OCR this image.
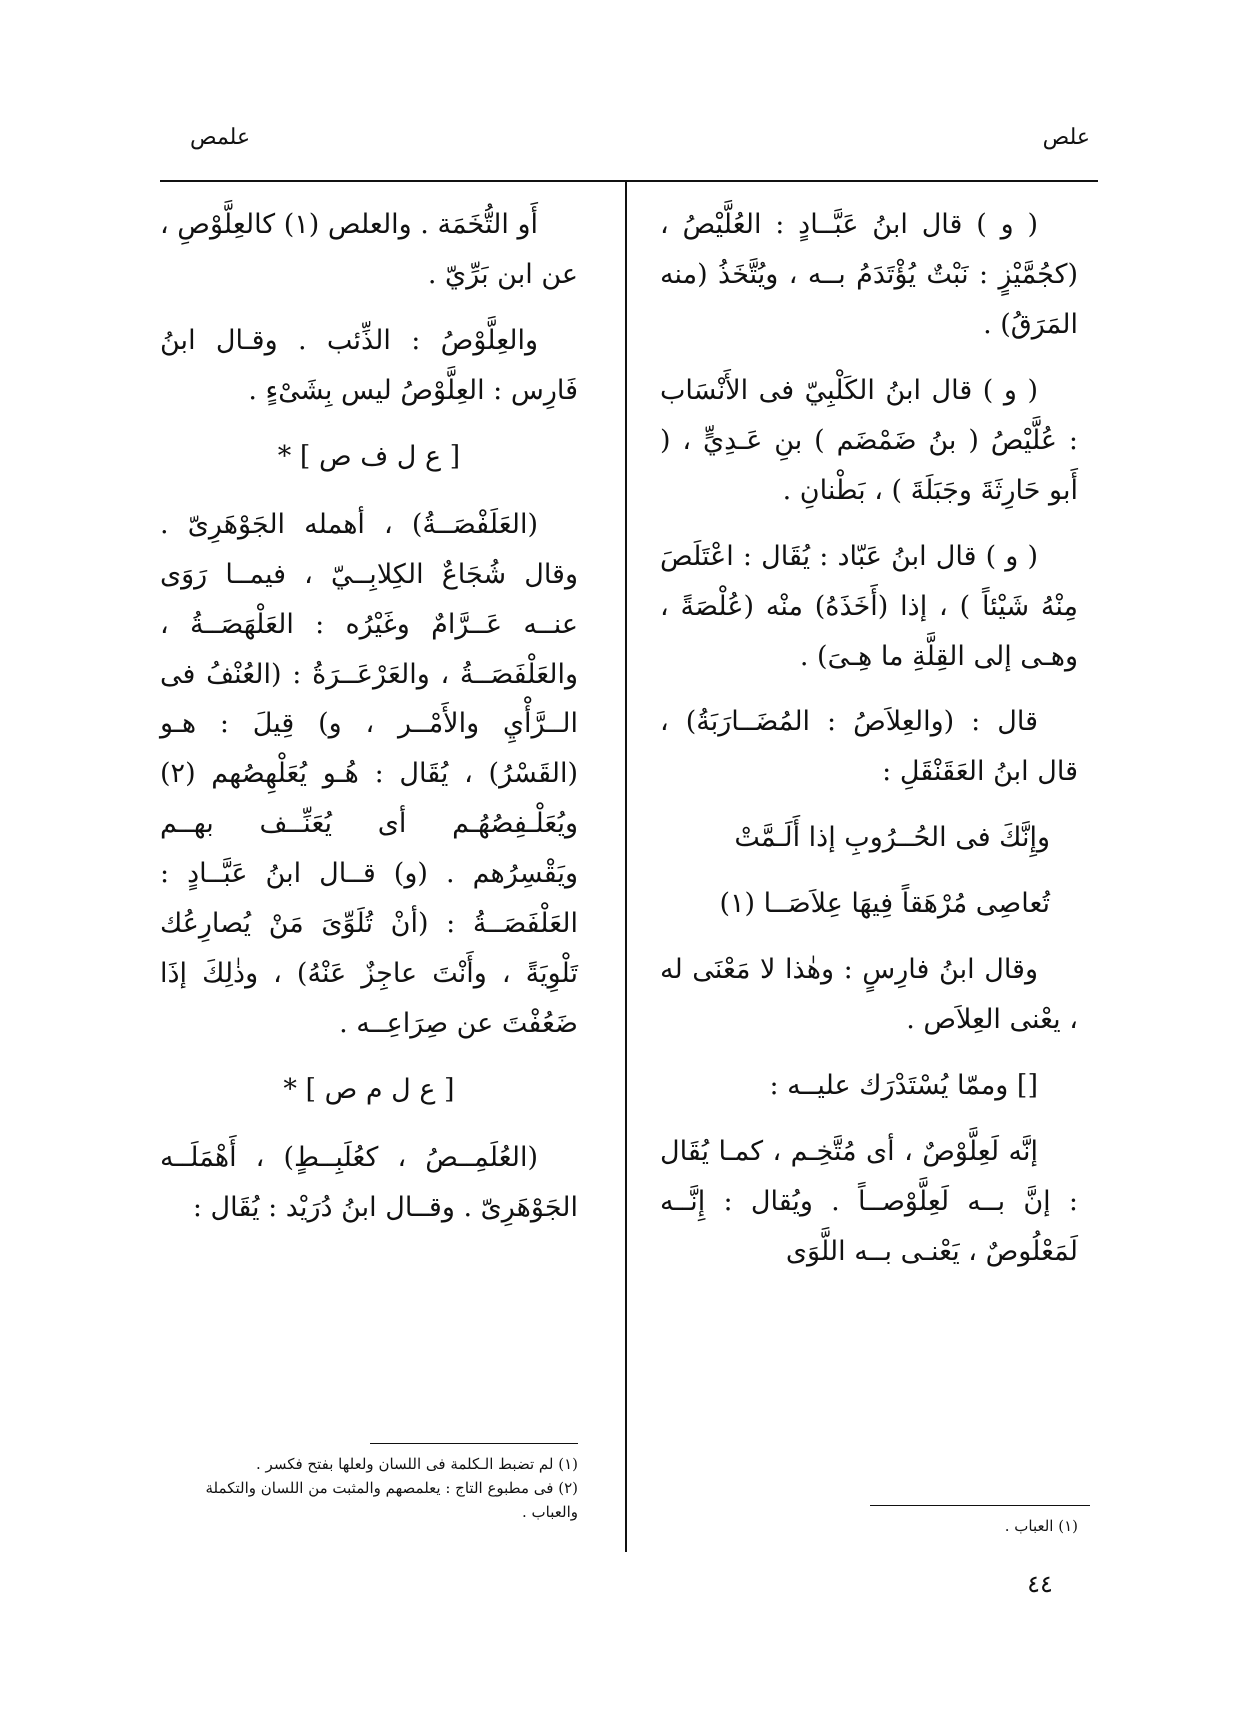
علص
علمص

( و ) قال ابنُ عَبَّــادٍ : العُلَّيْصُ ، (كجُمَّيْزٍ : نَبْتٌ يُؤْتَدَمُ بــه ، ويُتَّخَذُ (منه المَرَقُ) .

( و ) قال ابنُ الكَلْبِيّ فى الأَنْسَاب : عُلَّيْصُ ( بنُ ضَمْضَم ) بنِ عَـدِيٍّ ، ( أَبو حَارِثَةَ وجَبَلَةَ ) ، بَطْنانِ .

( و ) قال ابنُ عَبّاد : يُقَال : اعْتَلَصَ مِنْهُ شَيْئاً ) ، إذا (أَخَذَهُ) منْه (عُلْصَةً ، وهـى إلى القِلَّةِ ما هِـىَ) .

قال : (والعِلاَصُ : المُضَــارَبَةُ) ، قال ابنُ العَقَنْقَلِ :

وإِنَّكَ فى الحُــرُوبِ إذا أَلَـمَّتْ

تُعاصِى مُرْهَقاً فِيهَا عِلاَصَــا (١)

وقال ابنُ فارِسٍ : وهٰذا لا مَعْنَى له ، يعْنى العِلاَص .

[] وممّا يُسْتَدْرَك عليــه :

إنَّه لَعِلَّوْصٌ ، أى مُتَّخِـم ، كمـا يُقَال : إنَّ بــه لَعِلَّوْصــاً . ويُقال : إِنَّــه لَمَعْلُوصٌ ، يَعْنـى بــه اللَّوَى

أَو التُّخَمَة . والعلص (١) كالعِلَّوْصِ ، عن ابن بَرِّيّ .

والعِلَّوْصُ : الذِّئب . وقـال ابنُ فَارِس : العِلَّوْصُ ليس بِشَىْءٍ .

[ ع ل ف ص ] *

(العَلَفْصَــةُ) ، أهمله الجَوْهَرِىّ . وقال شُجَاعٌ الكِلابِــيّ ، فيمــا رَوَى عنــه عَــرَّامٌ وغَيْرُه : العَلْهَصَــةُ ، والعَلْفَصَــةُ ، والعَرْعَــرَةُ : (العُنْفُ فى الــرَّأْيِ والأَمْــر ، و) قِيلَ : هـو (القَسْرُ) ، يُقَال : هُـو يُعَلْهِصُهم (٢) ويُعَلْـفِصُهُـم أى يُعَنِّــف بهــم ويَقْسِرُهم . (و) قــال ابنُ عَبَّــادٍ : العَلْفَصَــةُ : (أنْ تُلَوِّىَ مَنْ يُصارِعُك تَلْوِيَةً ، وأَنْتَ عاجِزٌ عَنْهُ) ، وذٰلِكَ إذَا ضَعُفْتَ عن صِرَاعِــه .

[ ع ل م ص ] *

(العُلَمِــصُ ، كعُلَبِــطٍ) ، أَهْمَلَــه الجَوْهَرِىّ . وقــال ابنُ دُرَيْد : يُقَال :

(١) لم تضبط الـكلمة فى اللسان ولعلها بفتح فكسر .
(٢) فى مطبوع التاج : يعلمصهم والمثبت من اللسان والتكملة والعباب .
(١) العباب .
٤٤
